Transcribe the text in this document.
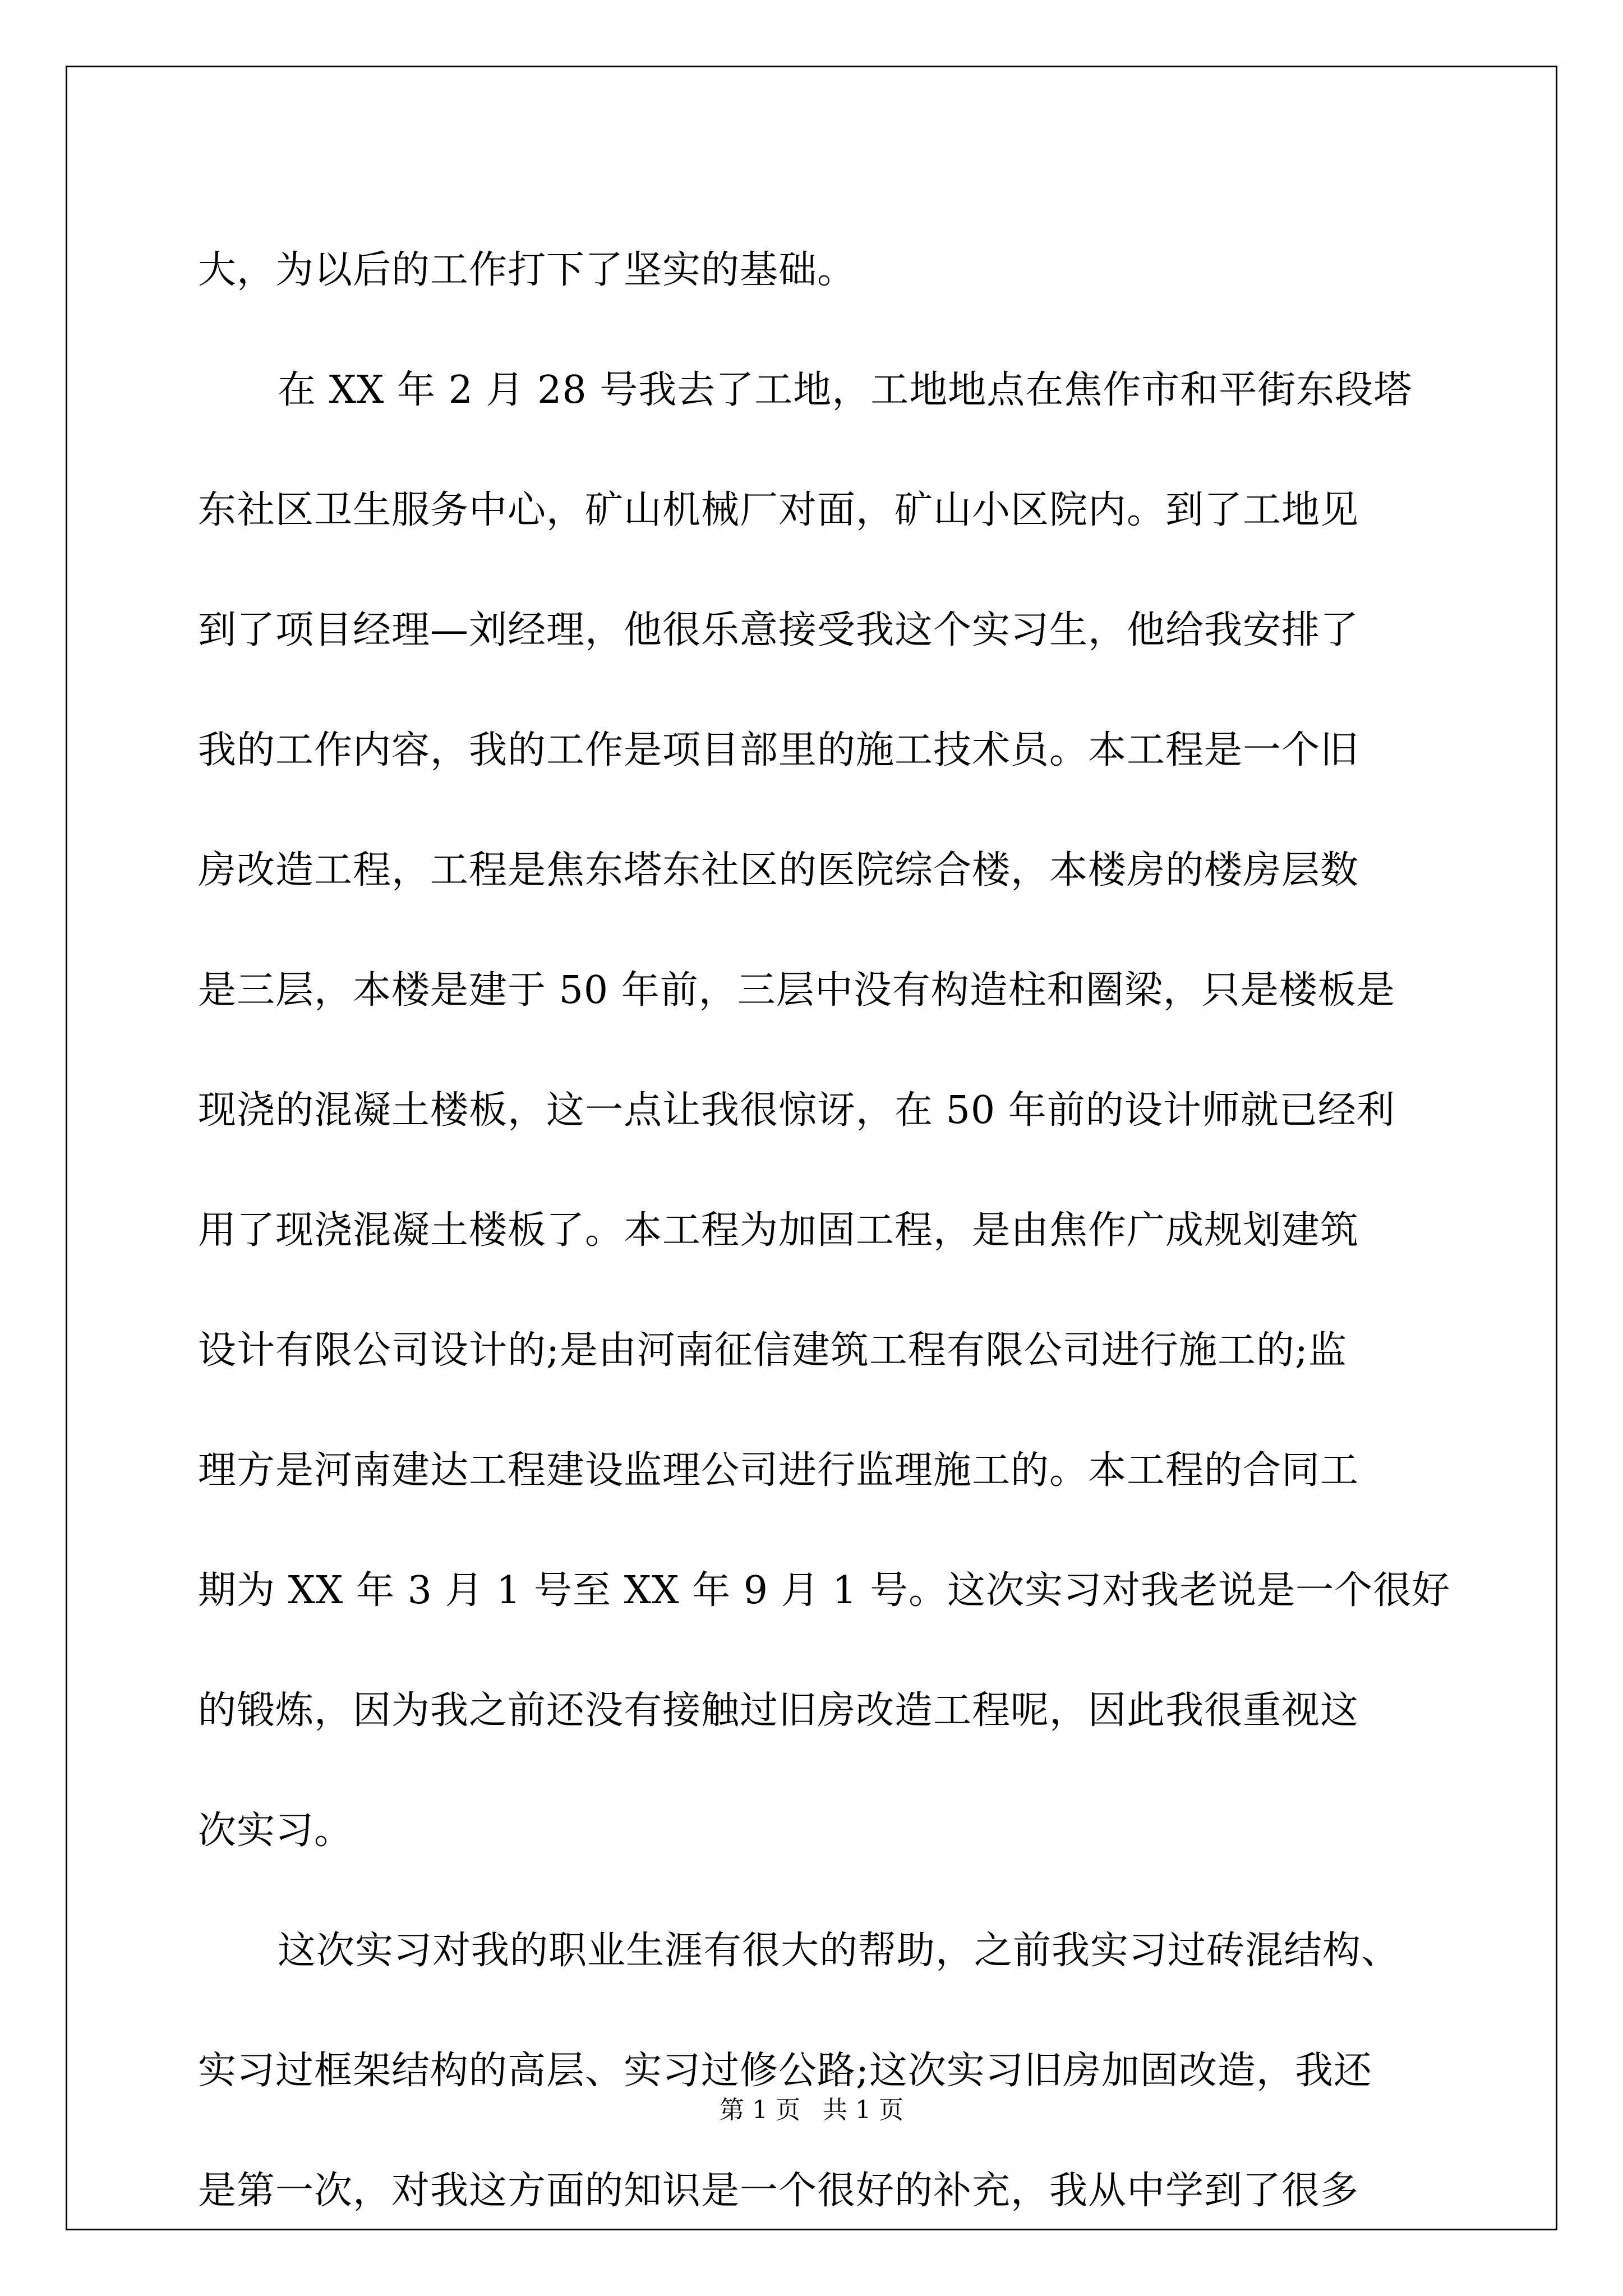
大，为以后的工作打下了坚实的基础。
在 XX 年 2 月 28 号我去了工地，工地地点在焦作市和平街东段塔
东社区卫生服务中心，矿山机械厂对面，矿山小区院内。到了工地见
到了项目经理—刘经理，他很乐意接受我这个实习生，他给我安排了
我的工作内容，我的工作是项目部里的施工技术员。本工程是一个旧
房改造工程，工程是焦东塔东社区的医院综合楼，本楼房的楼房层数
是三层，本楼是建于 50 年前，三层中没有构造柱和圈梁，只是楼板是
现浇的混凝土楼板，这一点让我很惊讶，在 50 年前的设计师就已经利
用了现浇混凝土楼板了。本工程为加固工程，是由焦作广成规划建筑
设计有限公司设计的;是由河南征信建筑工程有限公司进行施工的;监
理方是河南建达工程建设监理公司进行监理施工的。本工程的合同工
期为 XX 年 3 月 1 号至 XX 年 9 月 1 号。这次实习对我老说是一个很好
的锻炼，因为我之前还没有接触过旧房改造工程呢，因此我很重视这
次实习。
这次实习对我的职业生涯有很大的帮助，之前我实习过砖混结构、
实习过框架结构的高层、实习过修公路;这次实习旧房加固改造，我还
是第一次，对我这方面的知识是一个很好的补充，我从中学到了很多
第 1 页 共 1 页
